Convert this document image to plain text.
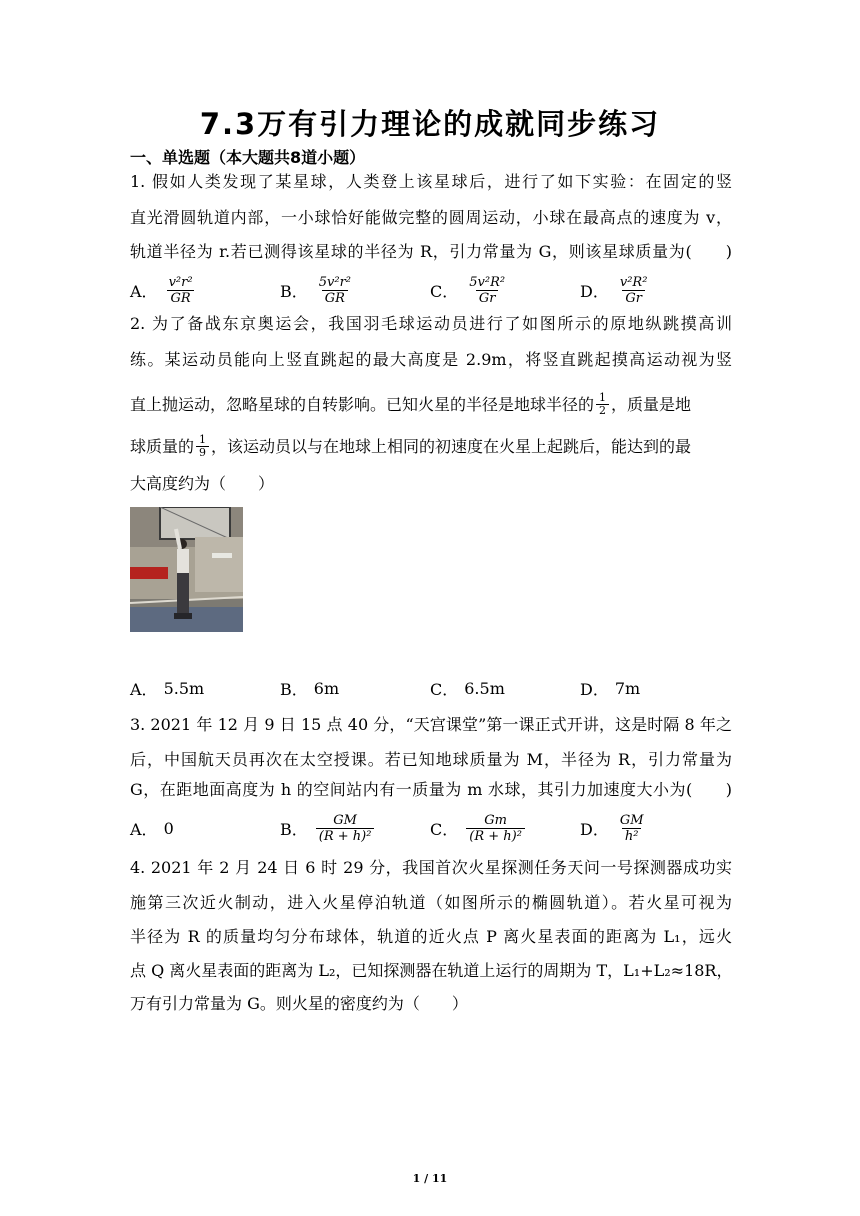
7.3万有引力理论的成就同步练习
一、单选题（本大题共8道小题）
1. 假如人类发现了某星球，人类登上该星球后，进行了如下实验：在固定的竖
直光滑圆轨道内部，一小球恰好能做完整的圆周运动，小球在最高点的速度为 v，
轨道半径为 r.若已测得该星球的半径为 R，引力常量为 G，则该星球质量为(　　)
A． $\frac{\text{v²r²}}{GR}$	B． $\frac{\text{5v²r²}}{GR}$	C． $\frac{\text{5v²R²}}{Gr}$	D． $\frac{\text{v²R²}}{Gr}$
2. 为了备战东京奥运会，我国羽毛球运动员进行了如图所示的原地纵跳摸高训
练。某运动员能向上竖直跳起的最大高度是 2.9m，将竖直跳起摸高运动视为竖
直上抛运动，忽略星球的自转影响。已知火星的半径是地球半径的 $\frac{1}{2}$ ，质量是地
球质量的 $\frac{1}{9}$ ，该运动员以与在地球上相同的初速度在火星上起跳后，能达到的最
大高度约为（　　）
A． 5.5m	B． 6m	C． 6.5m	D． 7m
3. 2021 年 12 月 9 日 15 点 40 分，“天宫课堂”第一课正式开讲，这是时隔 8 年之
后，中国航天员再次在太空授课。若已知地球质量为 M，半径为 R，引力常量为
G，在距地面高度为 h 的空间站内有一质量为 m 水球，其引力加速度大小为(　　)
A． 0	B． $\frac{GM}{\text{(R + h)²}}$	C． $\frac{Gm}{\text{(R + h)²}}$	D． $\frac{GM}{\text{h²}}$
4. 2021 年 2 月 24 日 6 时 29 分，我国首次火星探测任务天问一号探测器成功实
施第三次近火制动，进入火星停泊轨道（如图所示的椭圆轨道）。若火星可视为
半径为 R 的质量均匀分布球体，轨道的近火点 P 离火星表面的距离为 L₁，远火
点 Q 离火星表面的距离为 L₂，已知探测器在轨道上运行的周期为 T，L₁+L₂≈18R，
万有引力常量为 G。则火星的密度约为（　　）
1 / 11
